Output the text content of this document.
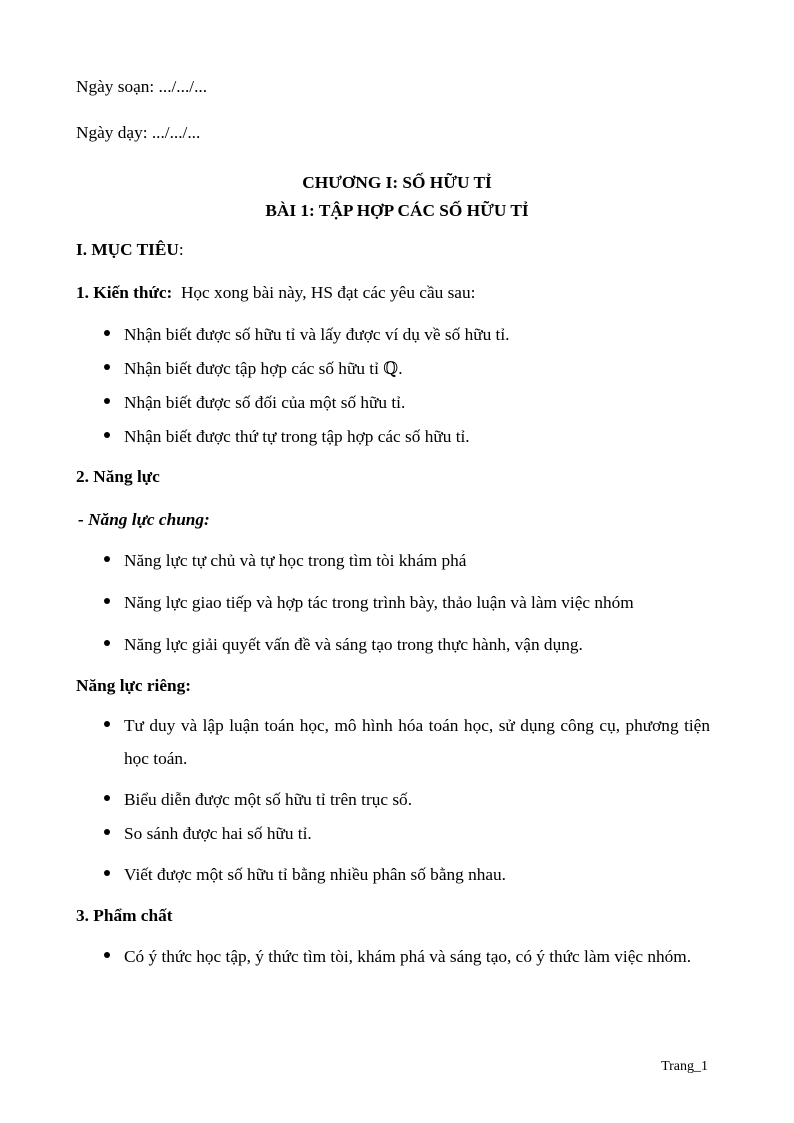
Ngày soạn: .../.../...
Ngày dạy: .../.../...
CHƯƠNG I: SỐ HỮU TỈ
BÀI 1: TẬP HỢP CÁC SỐ HỮU TỈ
I. MỤC TIÊU:
1. Kiến thức: Học xong bài này, HS đạt các yêu cầu sau:
Nhận biết được số hữu tỉ và lấy được ví dụ về số hữu tỉ.
Nhận biết được tập hợp các số hữu tỉ ℚ.
Nhận biết được số đối của một số hữu tỉ.
Nhận biết được thứ tự trong tập hợp các số hữu tỉ.
2. Năng lực
- Năng lực chung:
Năng lực tự chủ và tự học trong tìm tòi khám phá
Năng lực giao tiếp và hợp tác trong trình bày, thảo luận và làm việc nhóm
Năng lực giải quyết vấn đề và sáng tạo trong thực hành, vận dụng.
Năng lực riêng:
Tư duy và lập luận toán học, mô hình hóa toán học, sử dụng công cụ, phương tiện học toán.
Biểu diễn được một số hữu tỉ trên trục số.
So sánh được hai số hữu tỉ.
Viết được một số hữu tỉ bằng nhiều phân số bằng nhau.
3. Phẩm chất
Có ý thức học tập, ý thức tìm tòi, khám phá và sáng tạo, có ý thức làm việc nhóm.
Trang_1
